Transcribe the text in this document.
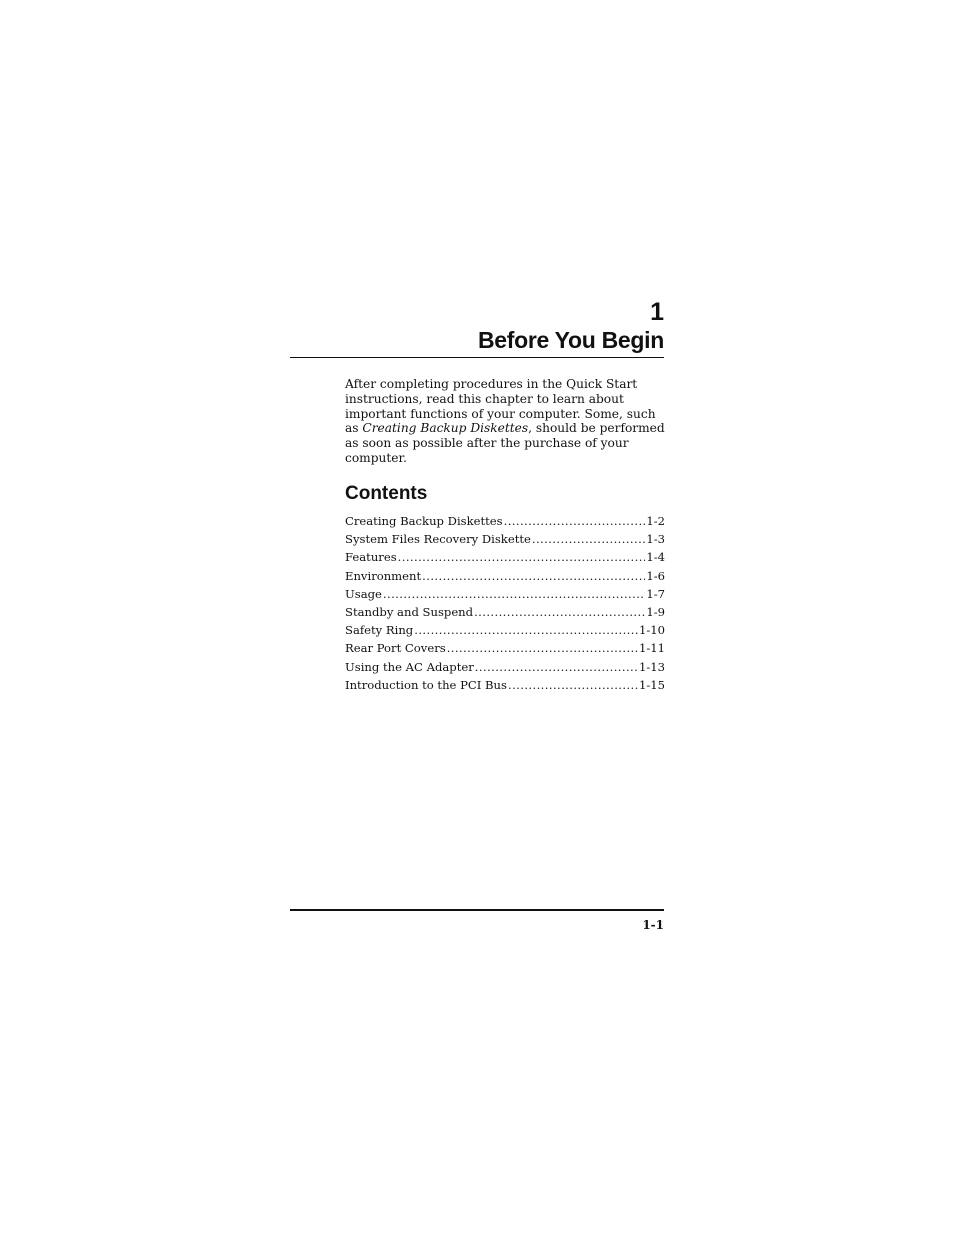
1
Before You Begin

After completing procedures in the Quick Start instructions, read this chapter to learn about important functions of your computer. Some, such as Creating Backup Diskettes, should be performed as soon as possible after the purchase of your computer.

Contents
Creating Backup Diskettes .....	1-2
System Files Recovery Diskette .....	1-3
Features .....	1-4
Environment .....	1-6
Usage .....	1-7
Standby and Suspend .....	1-9
Safety Ring .....	1-10
Rear Port Covers .....	1-11
Using the AC Adapter .....	1-13
Introduction to the PCI Bus .....	1-15
1-1
